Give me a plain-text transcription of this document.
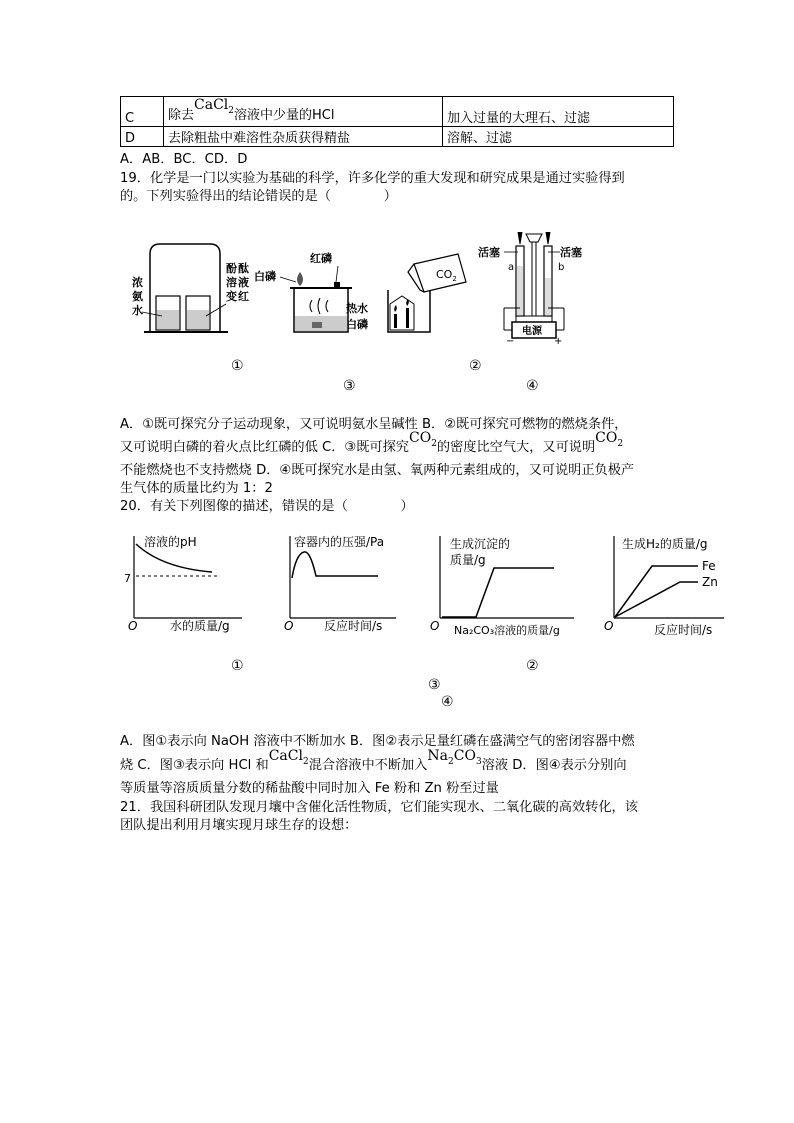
C	除去CaCl$_2$溶液中少量的HCl	加入过量的大理石、过滤
D	去除粗盐中难溶性杂质获得精盐	溶解、过滤
A．AB．BC．CD．D
19．化学是一门以实验为基础的科学，许多化学的重大发现和研究成果是通过实验得到
的。下列实验得出的结论错误的是（　　　　）
浓
氨
水
酚 酞
溶 液
变 红
红磷
白磷
热水
白磷
$CO_2$
活塞	活塞
a	b
电源
−	+
①	②
③	④
A．①既可探究分子运动现象，又可说明氨水呈碱性 B．②既可探究可燃物的燃烧条件，
又可说明白磷的着火点比红磷的低 C．③既可探究$CO_2$的密度比空气大，又可说明$CO_2$
不能燃烧也不支持燃烧 D．④既可探究水是由氢、氧两种元素组成的，又可说明正负极产
生气体的质量比约为 1：2
20．有关下列图像的描述，错误的是（　　　　）
溶液的pH
7
O	水的质量/g
容器内的压强/Pa
O	反应时间/s
生成沉淀的
质量/g
O Na₂CO₃溶液的质量/g
生成H₂的质量/g
Fe
Zn
O	反应时间/s
①	②
③
④
A．图①表示向 NaOH 溶液中不断加水 B．图②表示足量红磷在盛满空气的密闭容器中燃
烧 C．图③表示向 HCl 和CaCl$_2$混合溶液中不断加入$Na_2CO_3$溶液 D．图④表示分别向
等质量等溶质质量分数的稀盐酸中同时加入 Fe 粉和 Zn 粉至过量
21．我国科研团队发现月壤中含催化活性物质，它们能实现水、二氧化碳的高效转化，该
团队提出利用月壤实现月球生存的设想：
